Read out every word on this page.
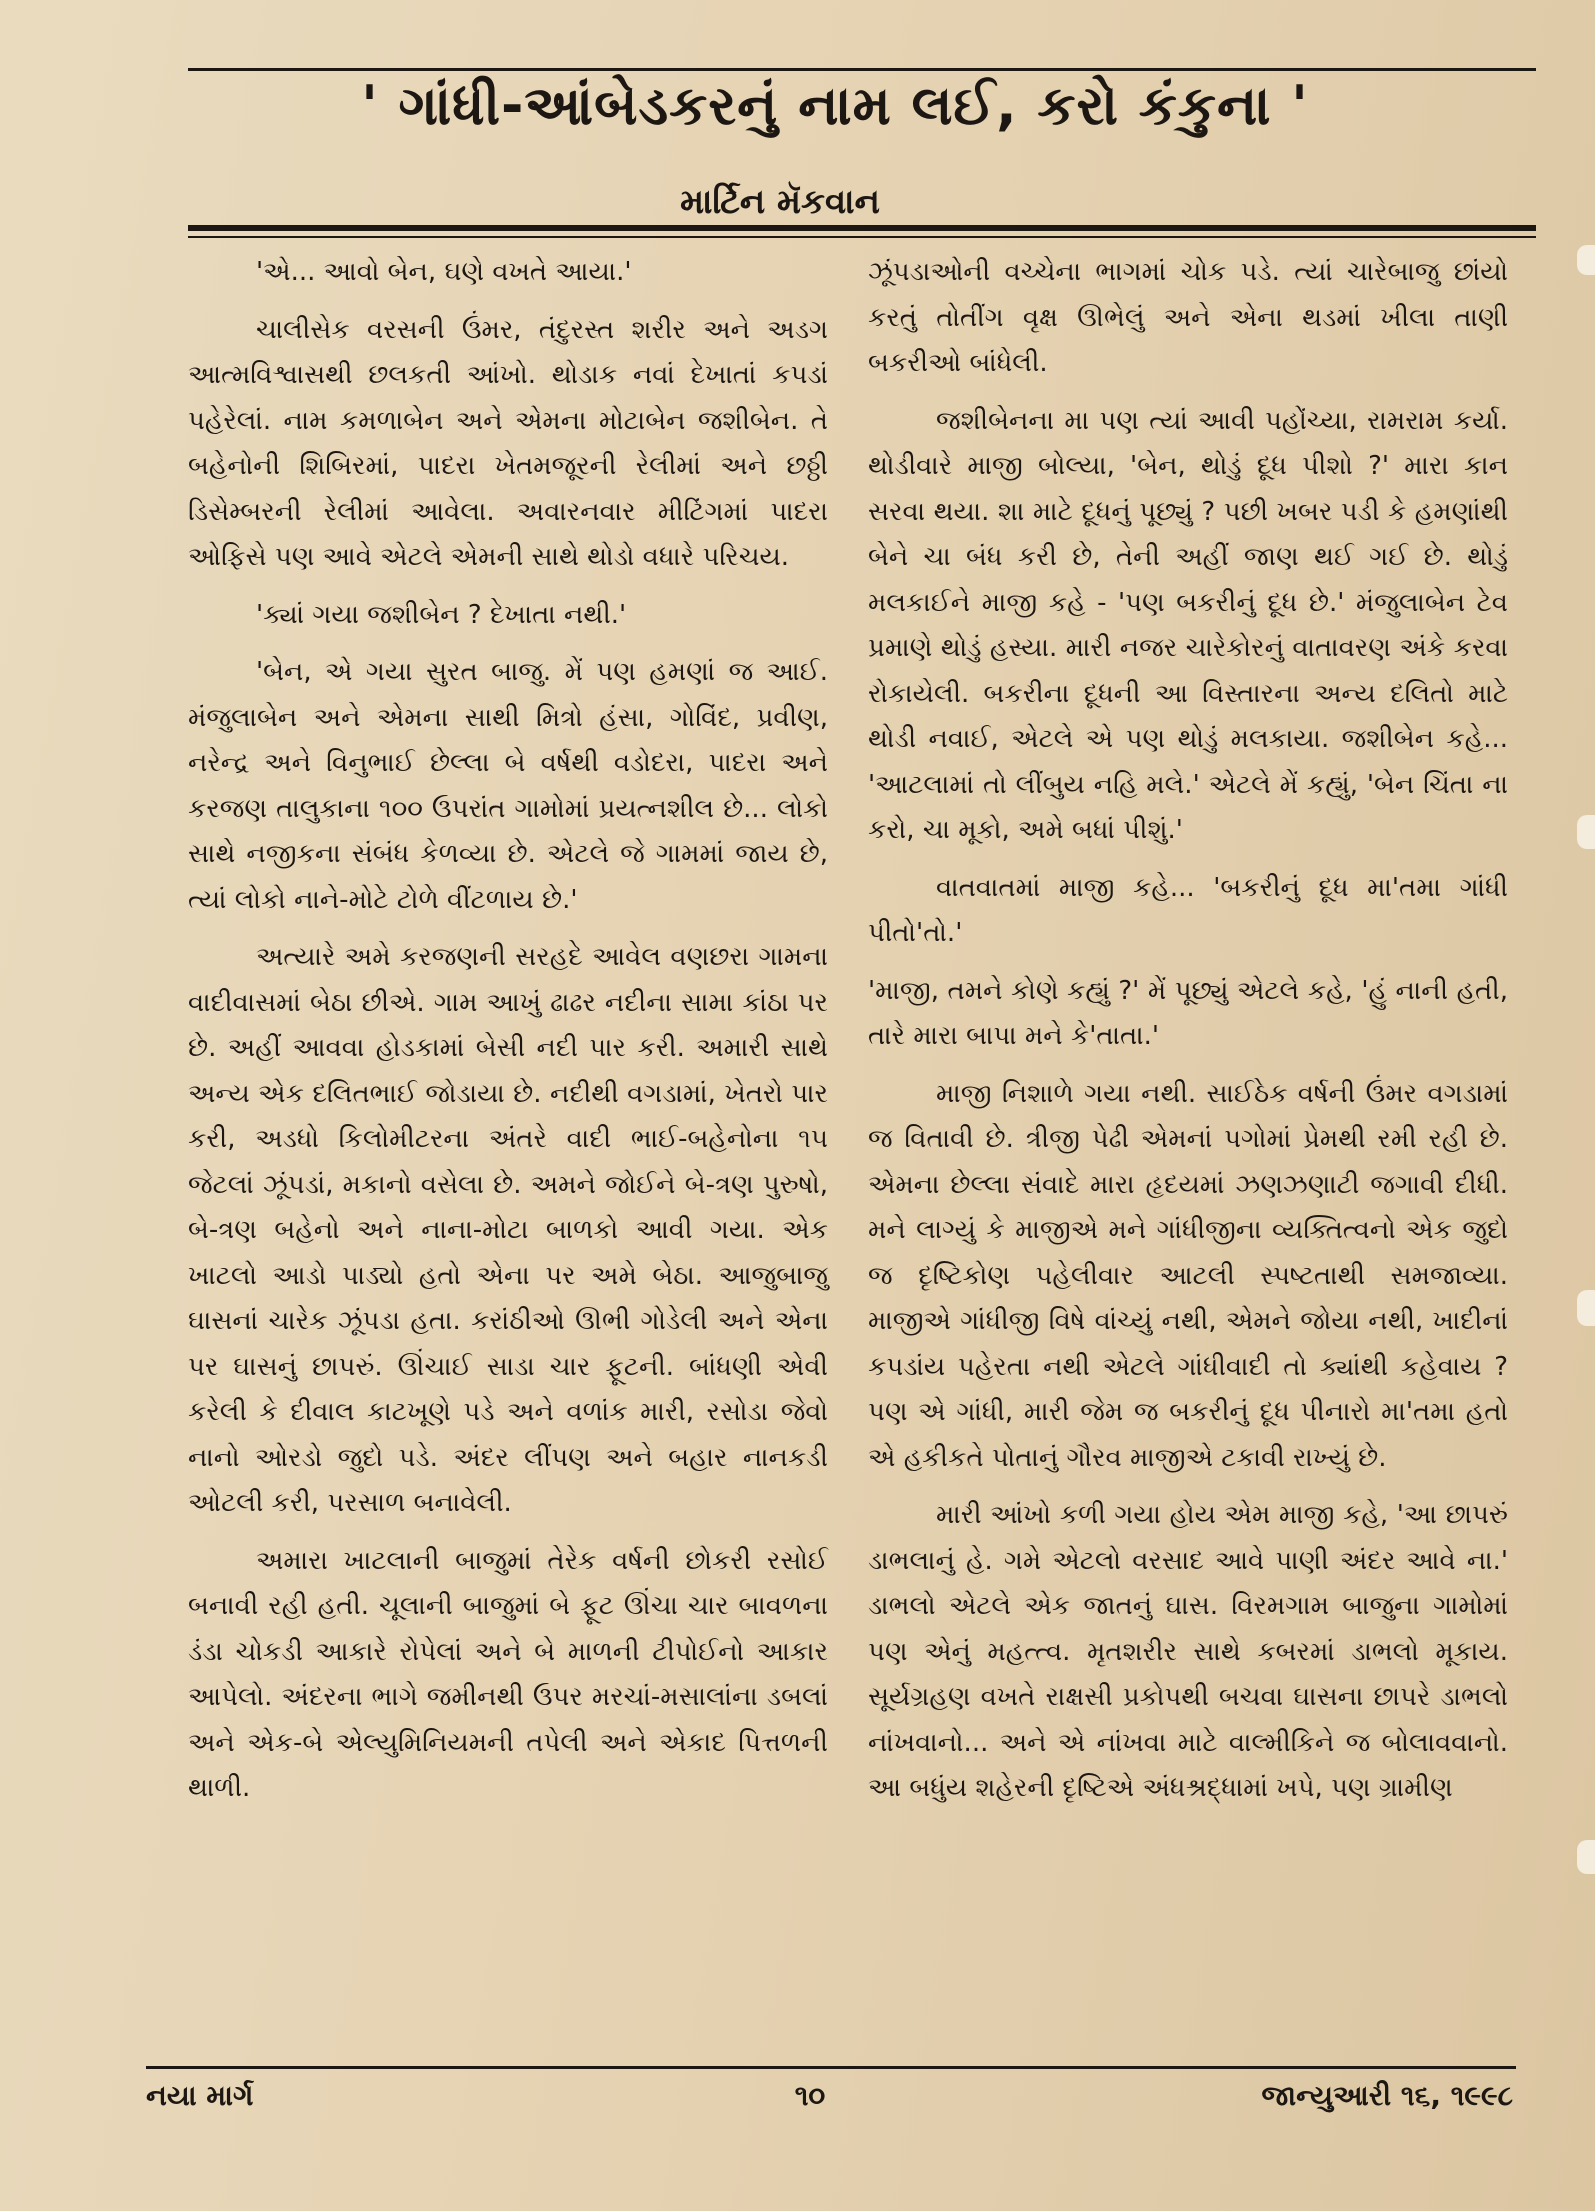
' ગાંધી-આંબેડકરનું નામ લઈ, કરો કંકુના '
માર્ટિન મૅકવાન

'એ... આવો બેન, ઘણે વખતે આયા.'

ચાલીસેક વરસની ઉંમર, તંદુરસ્ત શરીર અને અડગ આત્મવિશ્વાસથી છલકતી આંખો. થોડાક નવાં દેખાતાં કપડાં પહેરેલાં. નામ કમળાબેન અને એમના મોટાબેન જશીબેન. તે બહેનોની શિબિરમાં, પાદરા ખેતમજૂરની રેલીમાં અને છઠ્ઠી ડિસેમ્બરની રેલીમાં આવેલા. અવારનવાર મીટિંગમાં પાદરા ઓફિસે પણ આવે એટલે એમની સાથે થોડો વધારે પરિચય.

'ક્યાં ગયા જશીબેન ? દેખાતા નથી.'

'બેન, એ ગયા સુરત બાજુ. મેં પણ હમણાં જ આઈ. મંજુલાબેન અને એમના સાથી મિત્રો હંસા, ગોવિંદ, પ્રવીણ, નરેન્દ્ર અને વિનુભાઈ છેલ્લા બે વર્ષથી વડોદરા, પાદરા અને કરજણ તાલુકાના ૧૦૦ ઉપરાંત ગામોમાં પ્રયત્નશીલ છે... લોકો સાથે નજીકના સંબંધ કેળવ્યા છે. એટલે જે ગામમાં જાય છે, ત્યાં લોકો નાને-મોટે ટોળે વીંટળાય છે.'

અત્યારે અમે કરજણની સરહદે આવેલ વણછરા ગામના વાદીવાસમાં બેઠા છીએ. ગામ આખું ઢાઢર નદીના સામા કાંઠા પર છે. અહીં આવવા હોડકામાં બેસી નદી પાર કરી. અમારી સાથે અન્ય એક દલિતભાઈ જોડાયા છે. નદીથી વગડામાં, ખેતરો પાર કરી, અડધો કિલોમીટરના અંતરે વાદી ભાઈ-બહેનોના ૧૫ જેટલાં ઝૂંપડાં, મકાનો વસેલા છે. અમને જોઈને બે-ત્રણ પુરુષો, બે-ત્રણ બહેનો અને નાના-મોટા બાળકો આવી ગયા. એક ખાટલો આડો પાડ્યો હતો એના પર અમે બેઠા. આજુબાજુ ઘાસનાં ચારેક ઝૂંપડા હતા. કરાંઠીઓ ઊભી ગોડેલી અને એના પર ઘાસનું છાપરું. ઊંચાઈ સાડા ચાર ફૂટની. બાંધણી એવી કરેલી કે દીવાલ કાટખૂણે પડે અને વળાંક મારી, રસોડા જેવો નાનો ઓરડો જુદો પડે. અંદર લીંપણ અને બહાર નાનકડી ઓટલી કરી, પરસાળ બનાવેલી.

અમારા ખાટલાની બાજુમાં તેરેક વર્ષની છોકરી રસોઈ બનાવી રહી હતી. ચૂલાની બાજુમાં બે ફૂટ ઊંચા ચાર બાવળના ડંડા ચોકડી આકારે રોપેલાં અને બે માળની ટીપોઈનો આકાર આપેલો. અંદરના ભાગે જમીનથી ઉપર મરચાં-મસાલાંના ડબલાં અને એક-બે એલ્યુમિનિયમની તપેલી અને એકાદ પિત્તળની થાળી.

ઝૂંપડાઓની વચ્ચેના ભાગમાં ચોક પડે. ત્યાં ચારેબાજુ છાંયો કરતું તોતીંગ વૃક્ષ ઊભેલું અને એના થડમાં ખીલા તાણી બકરીઓ બાંધેલી.

જશીબેનના મા પણ ત્યાં આવી પહોંચ્યા, રામરામ કર્યા. થોડીવારે માજી બોલ્યા, 'બેન, થોડું દૂધ પીશો ?' મારા કાન સરવા થયા. શા માટે દૂધનું પૂછ્યું ? પછી ખબર પડી કે હમણાંથી બેને ચા બંધ કરી છે, તેની અહીં જાણ થઈ ગઈ છે. થોડું મલકાઈને માજી કહે - 'પણ બકરીનું દૂધ છે.' મંજુલાબેન ટેવ પ્રમાણે થોડું હસ્યા. મારી નજર ચારેકોરનું વાતાવરણ અંકે કરવા રોકાયેલી. બકરીના દૂધની આ વિસ્તારના અન્ય દલિતો માટે થોડી નવાઈ, એટલે એ પણ થોડું મલકાયા. જશીબેન કહે... 'આટલામાં તો લીંબુય નહિ મલે.' એટલે મેં કહ્યું, 'બેન ચિંતા ના કરો, ચા મૂકો, અમે બધાં પીશું.'

વાતવાતમાં માજી કહે... 'બકરીનું દૂધ મા'તમા ગાંધી પીતો'તો.'

'માજી, તમને કોણે કહ્યું ?' મેં પૂછ્યું એટલે કહે, 'હું નાની હતી, તારે મારા બાપા મને કે'તાતા.'

માજી નિશાળે ગયા નથી. સાઈઠેક વર્ષની ઉંમર વગડામાં જ વિતાવી છે. ત્રીજી પેઢી એમનાં પગોમાં પ્રેમથી રમી રહી છે. એમના છેલ્લા સંવાદે મારા હૃદયમાં ઝણઝણાટી જગાવી દીધી. મને લાગ્યું કે માજીએ મને ગાંધીજીના વ્યક્તિત્વનો એક જુદો જ દૃષ્ટિકોણ પહેલીવાર આટલી સ્પષ્ટતાથી સમજાવ્યા. માજીએ ગાંધીજી વિષે વાંચ્યું નથી, એમને જોયા નથી, ખાદીનાં કપડાંય પહેરતા નથી એટલે ગાંધીવાદી તો ક્યાંથી કહેવાય ? પણ એ ગાંધી, મારી જેમ જ બકરીનું દૂધ પીનારો મા'તમા હતો એ હકીકતે પોતાનું ગૌરવ માજીએ ટકાવી રાખ્યું છે.

મારી આંખો કળી ગયા હોય એમ માજી કહે, 'આ છાપરું ડાભલાનું હે. ગમે એટલો વરસાદ આવે પાણી અંદર આવે ના.' ડાભલો એટલે એક જાતનું ઘાસ. વિરમગામ બાજુના ગામોમાં પણ એનું મહત્ત્વ. મૃતશરીર સાથે કબરમાં ડાભલો મૂકાય. સૂર્યગ્રહણ વખતે રાક્ષસી પ્રકોપથી બચવા ઘાસના છાપરે ડાભલો નાંખવાનો... અને એ નાંખવા માટે વાલ્મીકિને જ બોલાવવાનો. આ બધુંય શહેરની દૃષ્ટિએ અંધશ્રદ્ધામાં ખપે, પણ ગ્રામીણ

નયા માર્ગ	૧૦	જાન્યુઆરી ૧૬, ૧૯૯૮
